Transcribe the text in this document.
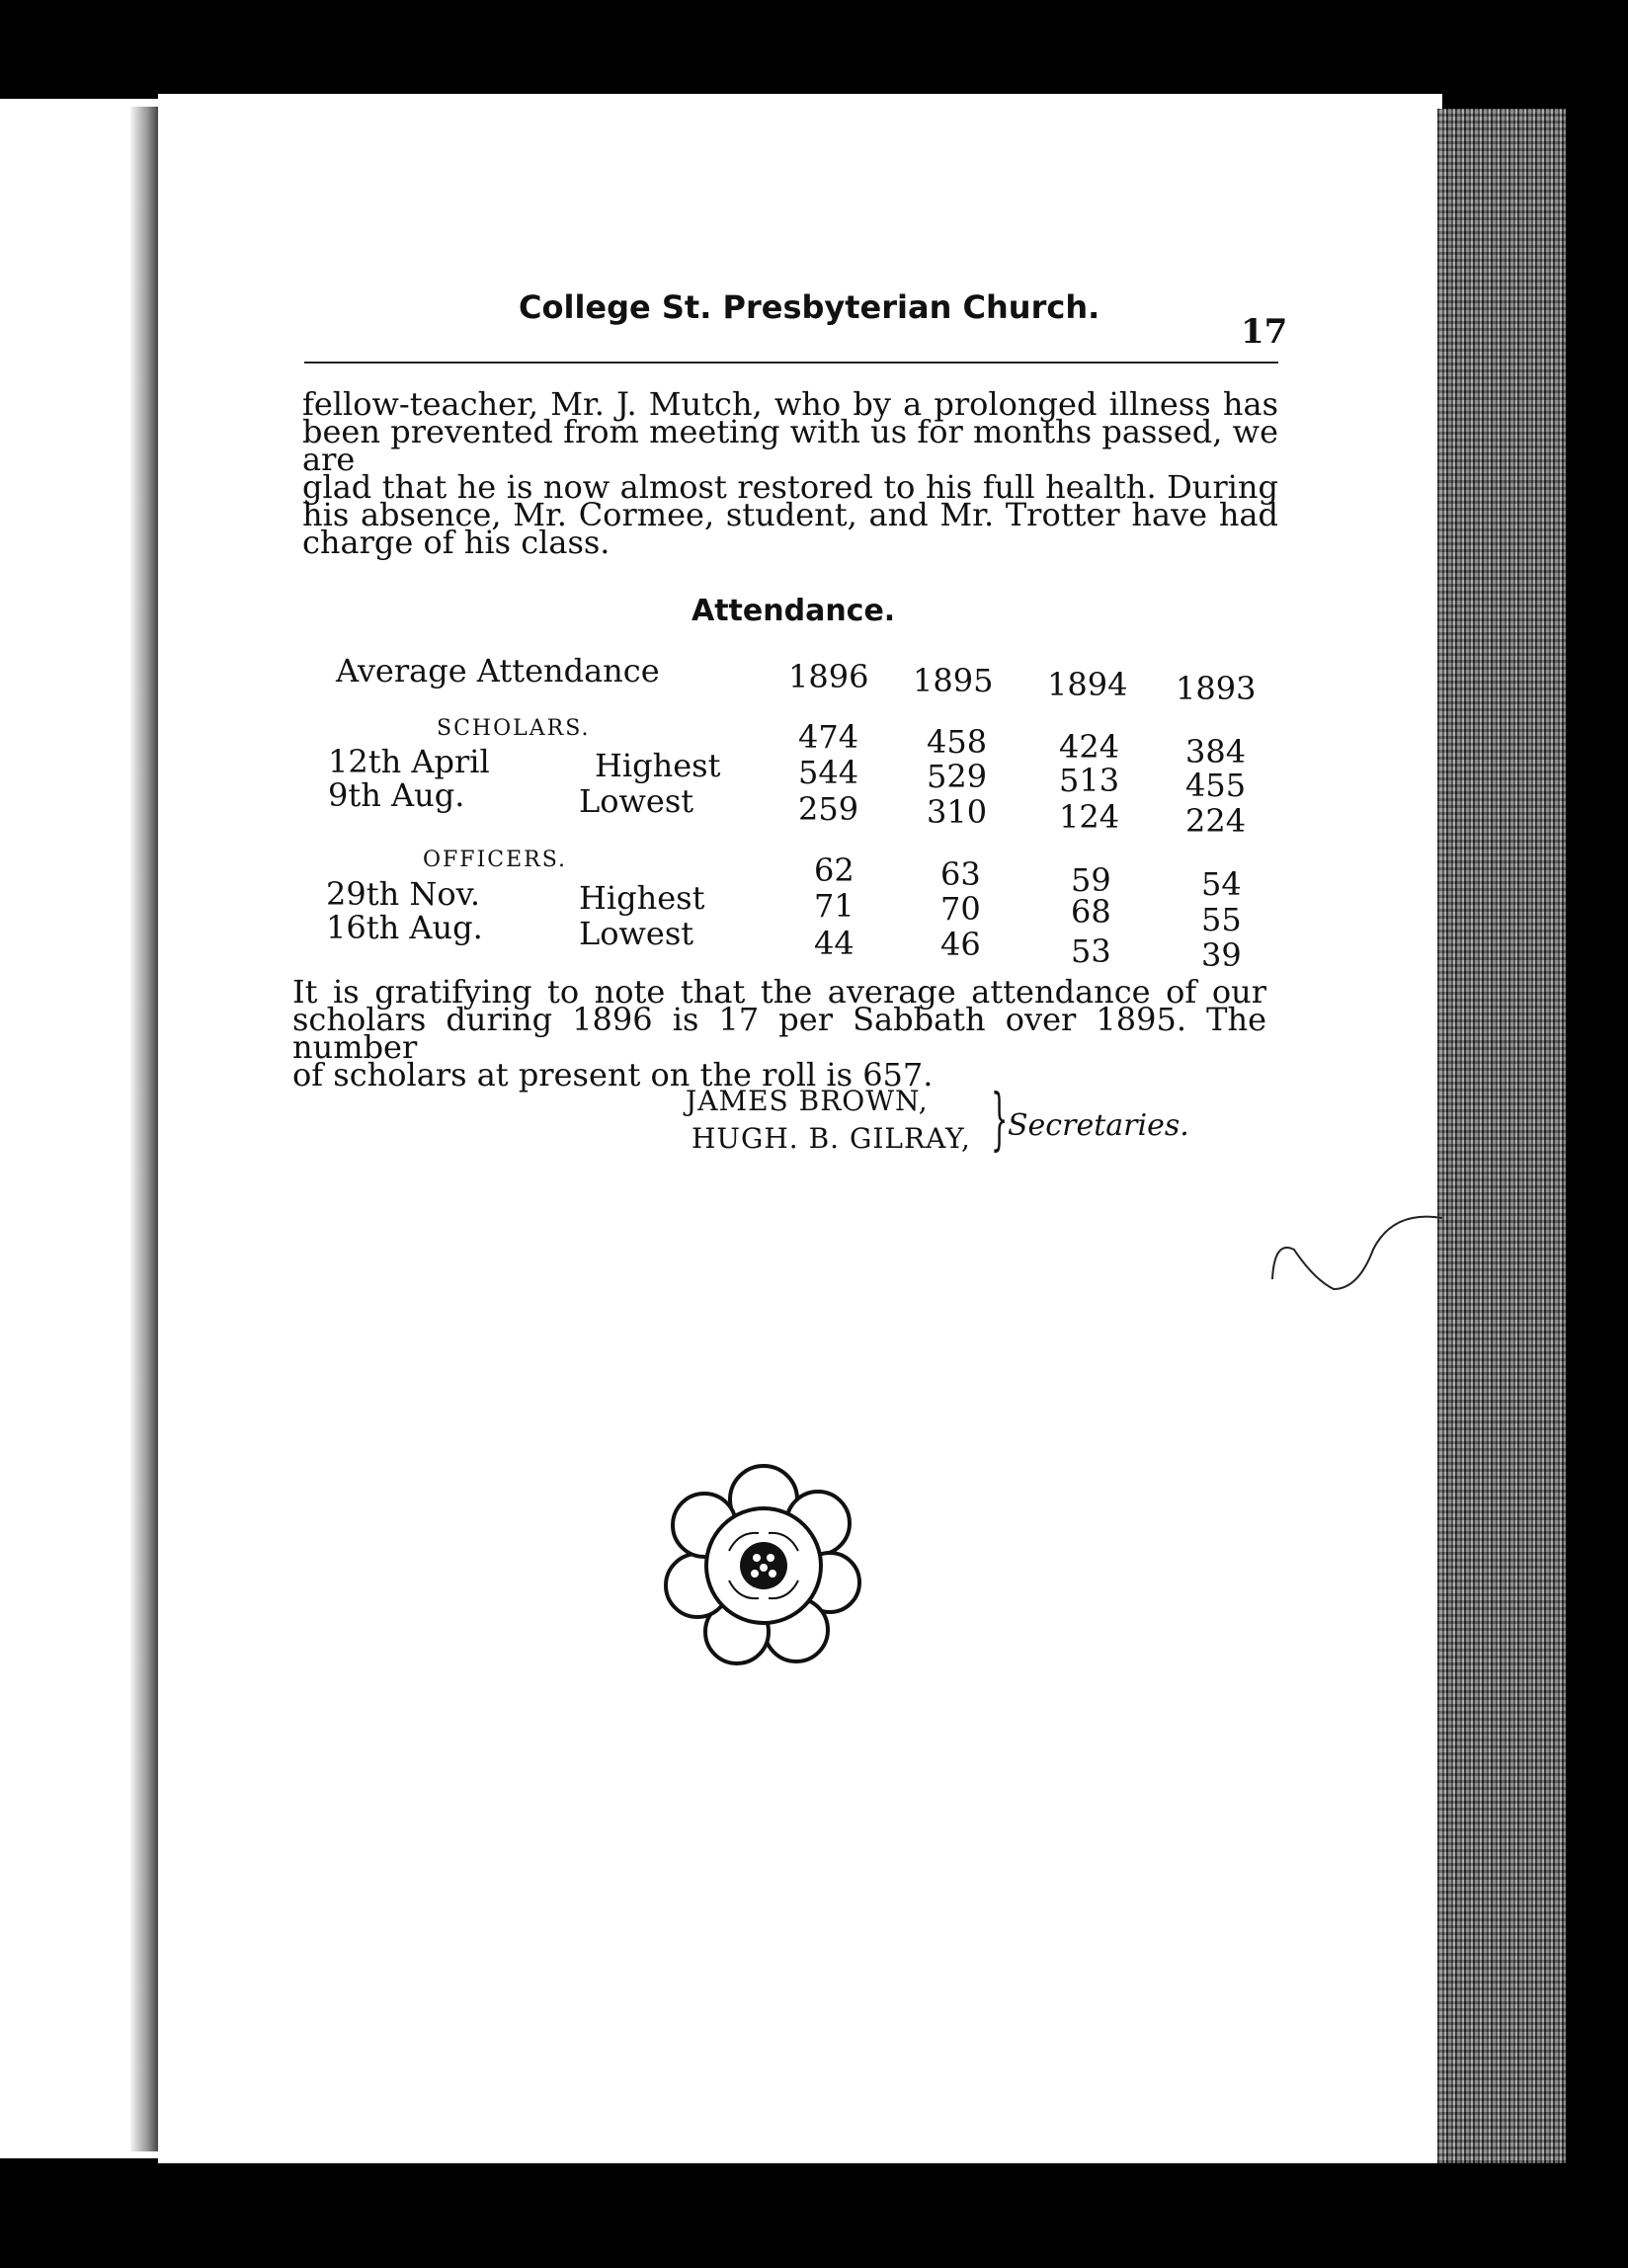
College St. Presbyterian Church.
17
fellow-teacher, Mr. J. Mutch, who by a prolonged illness has
been prevented from meeting with us for months passed, we are
glad that he is now almost restored to his full health. During
his absence, Mr. Cormee, student, and Mr. Trotter have had
charge of his class.
Attendance.
Average Attendance	1896 1895 1894 1893
SCHOLARS.	474 458 424 384
12th April	Highest 544 529 513 455
9th Aug.	Lowest	259 310 124 224
OFFICERS.	62	63	59	54
29th Nov.	Highest	71	70	68	55
16th Aug.	Lowest	44	46	53	39
It is gratifying to note that the average attendance of our
scholars during 1896 is 17 per Sabbath over 1895. The number
of scholars at present on the roll is 657.
JAMES BROWN,
HUGH. B. GILRAY, } Secretaries.
